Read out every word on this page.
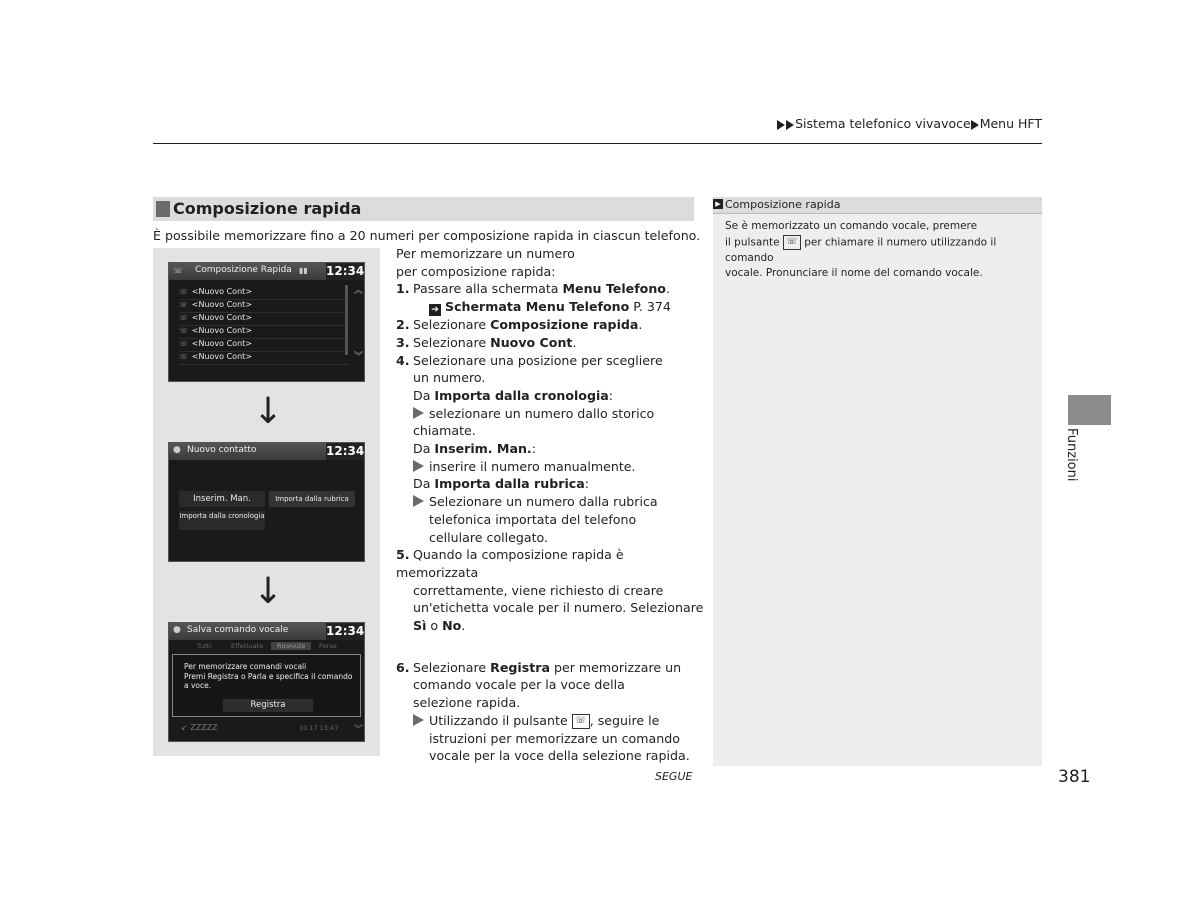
Sistema telefonico vivavoce Menu HFT
Composizione rapida
È possibile memorizzare fino a 20 numeri per composizione rapida in ciascun telefono.
☏ Composizione Rapida ▮▮ 12:34
☏ <Nuovo Cont>
☏ <Nuovo Cont>
☏ <Nuovo Cont>
☏ <Nuovo Cont>
☏ <Nuovo Cont>
☏ <Nuovo Cont>
︽
︾
↓
● Nuovo contatto	12:34
Inserim. Man.	Importa dalla rubrica
Importa dalla cronologia
↓
● Salva comando vocale	12:34
Tutti	Effettuate	Ricevute	Perse
Per memorizzare comandi vocali
Premi Registra o Parla e specifica il comando a voce.
Registra
↙ ZZZZZ	10.17 13:47 ︾
Per memorizzare un numero per composizione rapida:
1. Passare alla schermata Menu Telefono.
➔ Schermata Menu Telefono P. 374
2. Selezionare Composizione rapida.
3. Selezionare Nuovo Cont.
4. Selezionare una posizione per scegliere
un numero.
Da Importa dalla cronologia:
selezionare un numero dallo storico chiamate.
Da Inserim. Man.:
inserire il numero manualmente.
Da Importa dalla rubrica:
Selezionare un numero dalla rubrica
telefonica importata del telefono
cellulare collegato.
5. Quando la composizione rapida è memorizzata
correttamente, viene richiesto di creare
un'etichetta vocale per il numero. Selezionare
Sì o No.
6. Selezionare Registra per memorizzare un
comando vocale per la voce della
selezione rapida.
Utilizzando il pulsante ☏ , seguire le
istruzioni per memorizzare un comando
vocale per la voce della selezione rapida.
▶ Composizione rapida
Se è memorizzato un comando vocale, premere
il pulsante ☏ per chiamare il numero utilizzando il comando
vocale. Pronunciare il nome del comando vocale.
Funzioni
SEGUE	381
